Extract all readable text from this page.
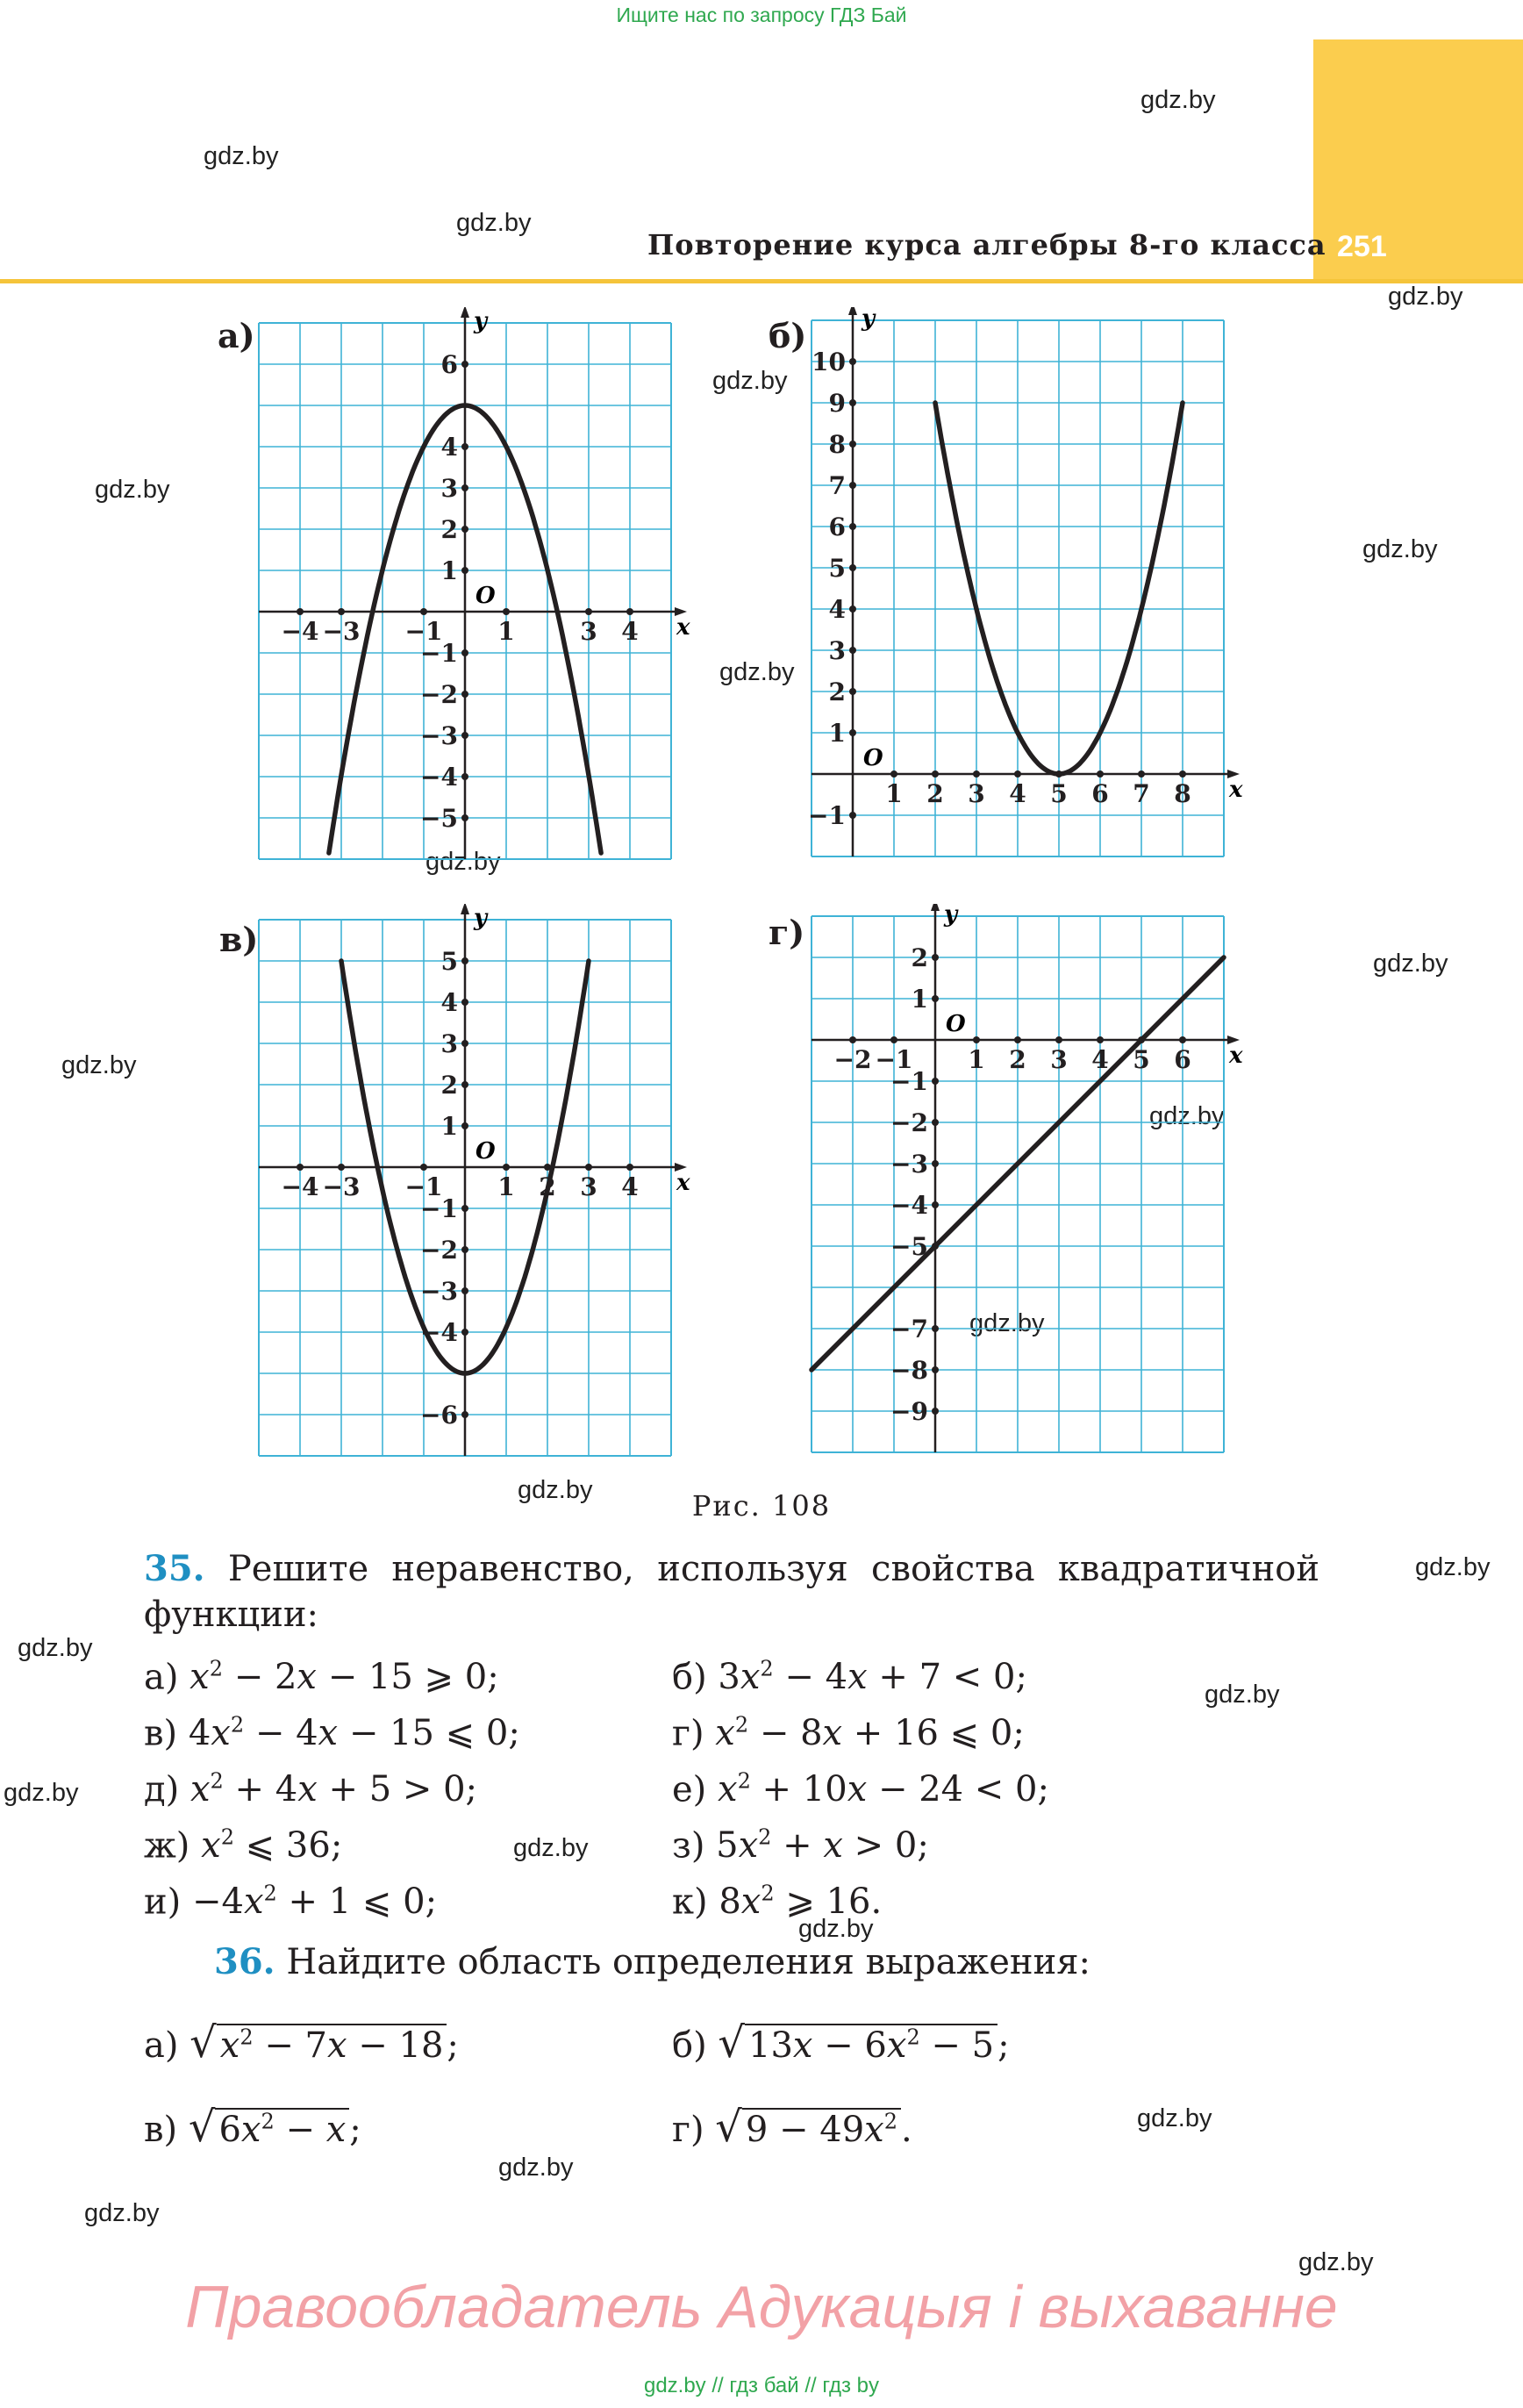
Ищите нас по запросу ГДЗ Бай
251
Повторение курса алгебры 8-го класса
gdz.by
gdz.by
gdz.by
gdz.by
gdz.by
gdz.by
gdz.by
gdz.by
gdz.by
gdz.by
gdz.by
gdz.by
gdz.by
gdz.by
gdz.by
gdz.by
gdz.by
gdz.by
gdz.by
gdz.by
gdz.by
gdz.by
gdz.by
gdz.by
а)	б)
в)	г)
x
y
O
−4 −3 −1 1	3 4
6
4
3
2
1
−1
−2
−3
−4
−5
x
y
O
1 2 3 4 5 6 7 8
10
9
8
7
6
5
4
3
2
1
−1
x
y
O
−4 −3 −1 1 2 3 4
5
4
3
2
1
−1
−2
−3
−4
−6
x
y
O
−2 −1 1 2 3 4 5 6
2
1
−1
−2
−3
−4
−5
−7
−8
−9
Рис. 108
35. Решите неравенство, используя свойства квадратичной функции:
а) $x^2 - 2x - 15$ ⩾ 0;	б) $3x^2 - 4x + 7 < 0$;
в) $4x^2 - 4x - 15$ ⩽ 0;	г) $x^2 - 8x + 16$ ⩽ 0;
д) $x^2 + 4x + 5 > 0$;	е) $x^2 + 10x - 24 < 0$;
ж) $x^2$ ⩽ 36;	з) $5x^2 + x > 0$;
$и) -4x^2 + 1$ ⩽ 0;	к) $8x^2$ ⩾ 16.
36. Найдите область определения выражения:
а) √ $x^2 - 7x - 18$ ;	б) √ $13x - 6x^2 - 5$ ;
в) √ $6x^2 - x$ ;	г) √ $9 - 49x^2$ .
Правообладатель Адукацыя і выхаванне
gdz.by // гдз бай // гдз by
